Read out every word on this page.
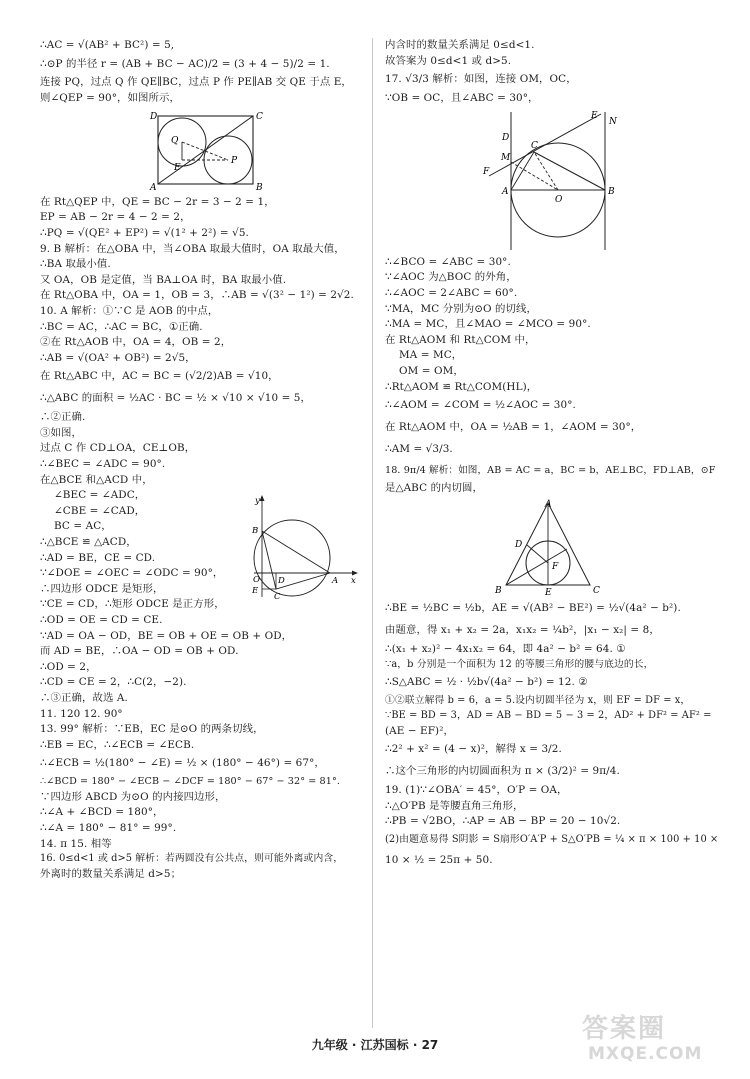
∴AC = √(AB² + BC²) = 5,

∴⊙P 的半径 r = (AB + BC − AC)/2 = (3 + 4 − 5)/2 = 1.

连接 PQ，过点 Q 作 QE∥BC，过点 P 作 PE∥AB 交 QE 于点 E，

则∠QEP = 90°，如图所示，

D	C
Q
E
P
A	B

在 Rt△QEP 中，QE = BC − 2r = 3 − 2 = 1，

EP = AB − 2r = 4 − 2 = 2，

∴PQ = √(QE² + EP²) = √(1² + 2²) = √5.

9. B 解析：在△OBA 中，当∠OBA 取最大值时，OA 取最大值，

∴BA 取最小值.

又 OA，OB 是定值，当 BA⊥OA 时，BA 取最小值.

在 Rt△OBA 中，OA = 1，OB = 3，∴AB = √(3² − 1²) = 2√2.

10. A 解析：①∵C 是 AOB 的中点，

∴BC = AC，∴AC = BC，①正确.

②在 Rt△AOB 中，OA = 4，OB = 2，

∴AB = √(OA² + OB²) = 2√5，

在 Rt△ABC 中，AC = BC = (√2/2)AB = √10，

∴△ABC 的面积 = ½AC · BC = ½ × √10 × √10 = 5，

∴②正确.

③如图，

y
B
C
O
E
D	A x

过点 C 作 CD⊥OA，CE⊥OB，

∴∠BEC = ∠ADC = 90°.

在△BCE 和△ACD 中，

∠BEC = ∠ADC，

∠CBE = ∠CAD，

BC = AC，

∴△BCE ≌ △ACD，

∴AD = BE，CE = CD.

∵∠DOE = ∠OEC = ∠ODC = 90°，

∴四边形 ODCE 是矩形，

∵CE = CD，∴矩形 ODCE 是正方形，

∴OD = OE = CD = CE.

∵AD = OA − OD，BE = OB + OE = OB + OD，

而 AD = BE，∴OA − OD = OB + OD.

∴OD = 2，

∴CD = CE = 2，∴C(2，−2).

∴③正确，故选 A.

11. 120 12. 90°

13. 99° 解析：∵EB，EC 是⊙O 的两条切线，

∴EB = EC，∴∠ECB = ∠ECB.

∴∠ECB = ½(180° − ∠E) = ½ × (180° − 46°) = 67°，

∴∠BCD = 180° − ∠ECB − ∠DCF = 180° − 67° − 32° = 81°.

∵四边形 ABCD 为⊙O 的内接四边形，

∴∠A + ∠BCD = 180°，

∴∠A = 180° − 81° = 99°.

14. π 15. 相等

16. 0≤d<1 或 d>5 解析：若两圆没有公共点，则可能外离或内含，

外离时的数量关系满足 d>5；

内含时的数量关系满足 0≤d<1.

故答案为 0≤d<1 或 d>5.

17. √3/3 解析：如图，连接 OM，OC，

∵OB = OC，且∠ABC = 30°，

E
N
D
C
M
F
A
O
B

∴∠BCO = ∠ABC = 30°.

∵∠AOC 为△BOC 的外角，

∴∠AOC = 2∠ABC = 60°.

∵MA，MC 分别为⊙O 的切线，

∴MA = MC，且∠MAO = ∠MCO = 90°.

在 Rt△AOM 和 Rt△COM 中，

MA = MC，

OM = OM，

∴Rt△AOM ≌ Rt△COM(HL)，

∴∠AOM = ∠COM = ½∠AOC = 30°.

在 Rt△AOM 中，OA = ½AB = 1，∠AOM = 30°，

∴AM = √3/3.

18. 9π/4 解析：如图，AB = AC = a，BC = b，AE⊥BC，FD⊥AB，⊙F

是△ABC 的内切圆，

A
D
F
B	E	C

∴BE = ½BC = ½b，AE = √(AB² − BE²) = ½√(4a² − b²).

由题意，得 x₁ + x₂ = 2a，x₁x₂ = ¼b²，|x₁ − x₂| = 8，

∴(x₁ + x₂)² − 4x₁x₂ = 64，即 4a² − b² = 64. ①

∵a，b 分别是一个面积为 12 的等腰三角形的腰与底边的长，

∴S△ABC = ½ · ½b√(4a² − b²) = 12. ②

①②联立解得 b = 6，a = 5.设内切圆半径为 x，则 EF = DF = x，

∵BE = BD = 3，AD = AB − BD = 5 − 3 = 2，AD² + DF² = AF² =

(AE − EF)²，

∴2² + x² = (4 − x)²，解得 x = 3/2.

∴这个三角形的内切圆面积为 π × (3/2)² = 9π/4.

19. (1)∵∠OBA′ = 45°，O′P = OA，

∴△O′PB 是等腰直角三角形，

∴PB = √2BO，∴AP = AB − BP = 20 − 10√2.

(2)由题意易得 S阴影 = S扇形O′A′P + S△O′PB = ¼ × π × 100 + 10 ×

10 × ½ = 25π + 50.

九年级 · 江苏国标 · 27
答案圈
MXQE.COM
